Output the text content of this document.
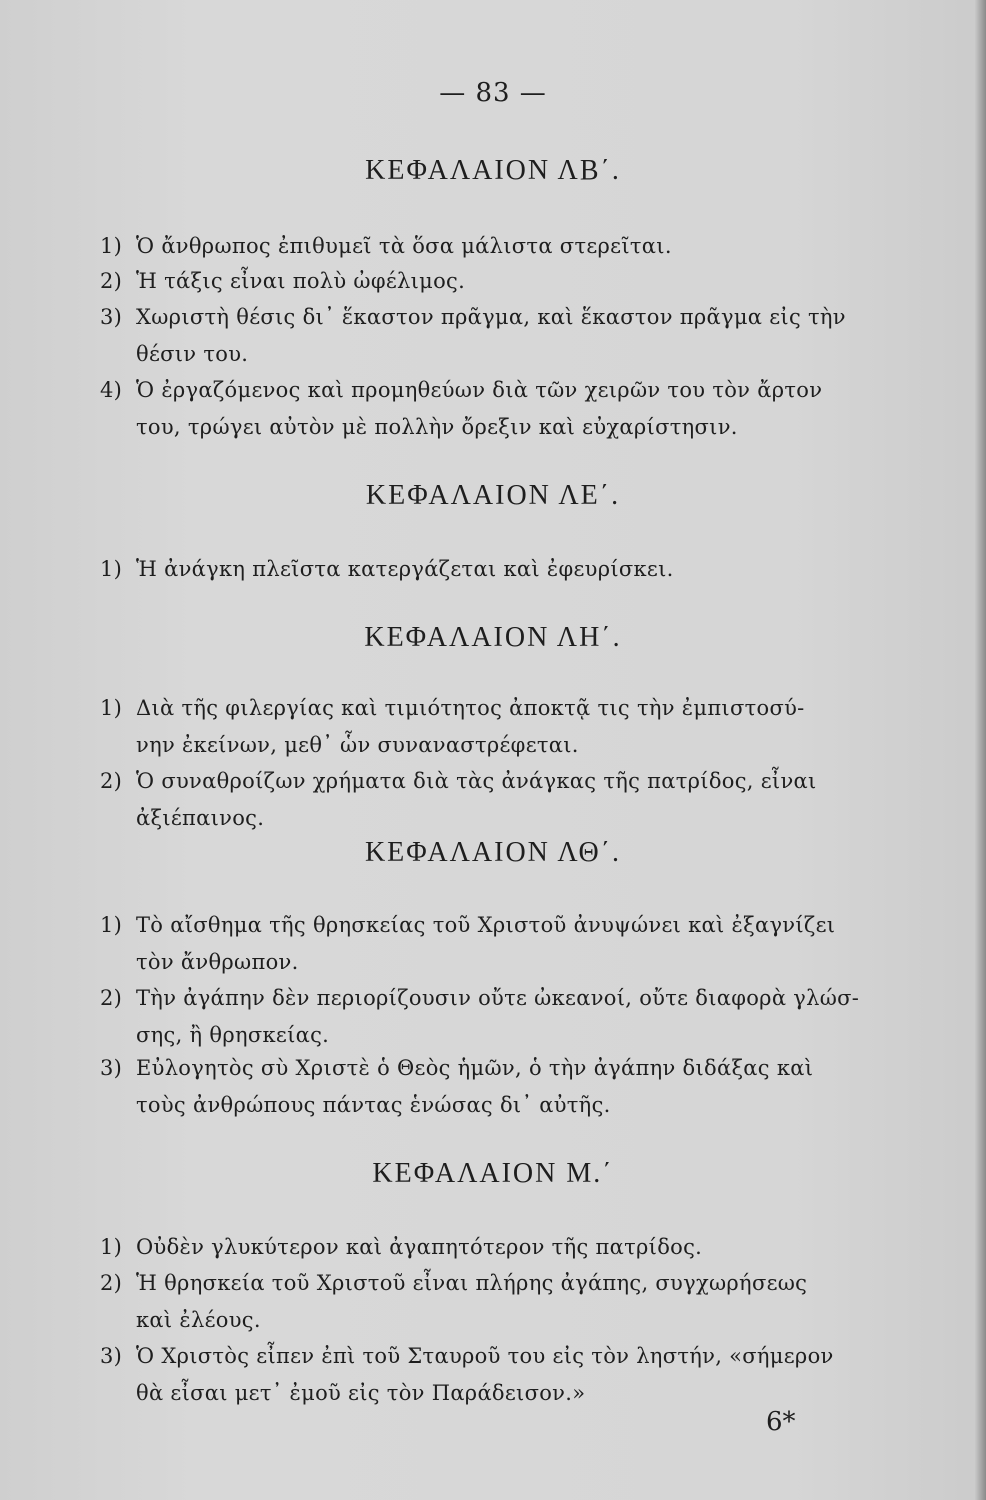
— 83 —
ΚΕΦΑΛΑΙΟΝ ΛΒ΄.
1) Ὁ ἄνθρωπος ἐπιθυμεῖ τὰ ὅσα μάλιστα στερεῖται.
2) Ἡ τάξις εἶναι πολὺ ὠφέλιμος.
3) Χωριστὴ θέσις δι᾽ ἕκαστον πρᾶγμα, καὶ ἕκαστον πρᾶγμα εἰς τὴν
θέσιν του.
4) Ὁ ἐργαζόμενος καὶ προμηθεύων διὰ τῶν χειρῶν του τὸν ἄρτον
του, τρώγει αὐτὸν μὲ πολλὴν ὄρεξιν καὶ εὐχαρίστησιν.
ΚΕΦΑΛΑΙΟΝ ΛΕ΄.
1) Ἡ ἀνάγκη πλεῖστα κατεργάζεται καὶ ἐφευρίσκει.
ΚΕΦΑΛΑΙΟΝ ΛΗ΄.
1) Διὰ τῆς φιλεργίας καὶ τιμιότητος ἀποκτᾷ τις τὴν ἐμπιστοσύ-
νην ἐκείνων, μεθ᾽ ὧν συναναστρέφεται.
2) Ὁ συναθροίζων χρήματα διὰ τὰς ἀνάγκας τῆς πατρίδος, εἶναι
ἀξιέπαινος.
ΚΕΦΑΛΑΙΟΝ ΛΘ΄.
1) Τὸ αἴσθημα τῆς θρησκείας τοῦ Χριστοῦ ἀνυψώνει καὶ ἐξαγνίζει
τὸν ἄνθρωπον.
2) Τὴν ἀγάπην δὲν περιορίζουσιν οὔτε ὠκεανοί, οὔτε διαφορὰ γλώσ-
σης, ἢ θρησκείας.
3) Εὐλογητὸς σὺ Χριστὲ ὁ Θεὸς ἡμῶν, ὁ τὴν ἀγάπην διδάξας καὶ
τοὺς ἀνθρώπους πάντας ἑνώσας δι᾽ αὐτῆς.
ΚΕΦΑΛΑΙΟΝ Μ.΄
1) Οὐδὲν γλυκύτερον καὶ ἀγαπητότερον τῆς πατρίδος.
2) Ἡ θρησκεία τοῦ Χριστοῦ εἶναι πλήρης ἀγάπης, συγχωρήσεως
καὶ ἐλέους.
3) Ὁ Χριστὸς εἶπεν ἐπὶ τοῦ Σταυροῦ του εἰς τὸν ληστήν, «σήμερον
θὰ εἶσαι μετ᾽ ἐμοῦ εἰς τὸν Παράδεισον.»
6*
